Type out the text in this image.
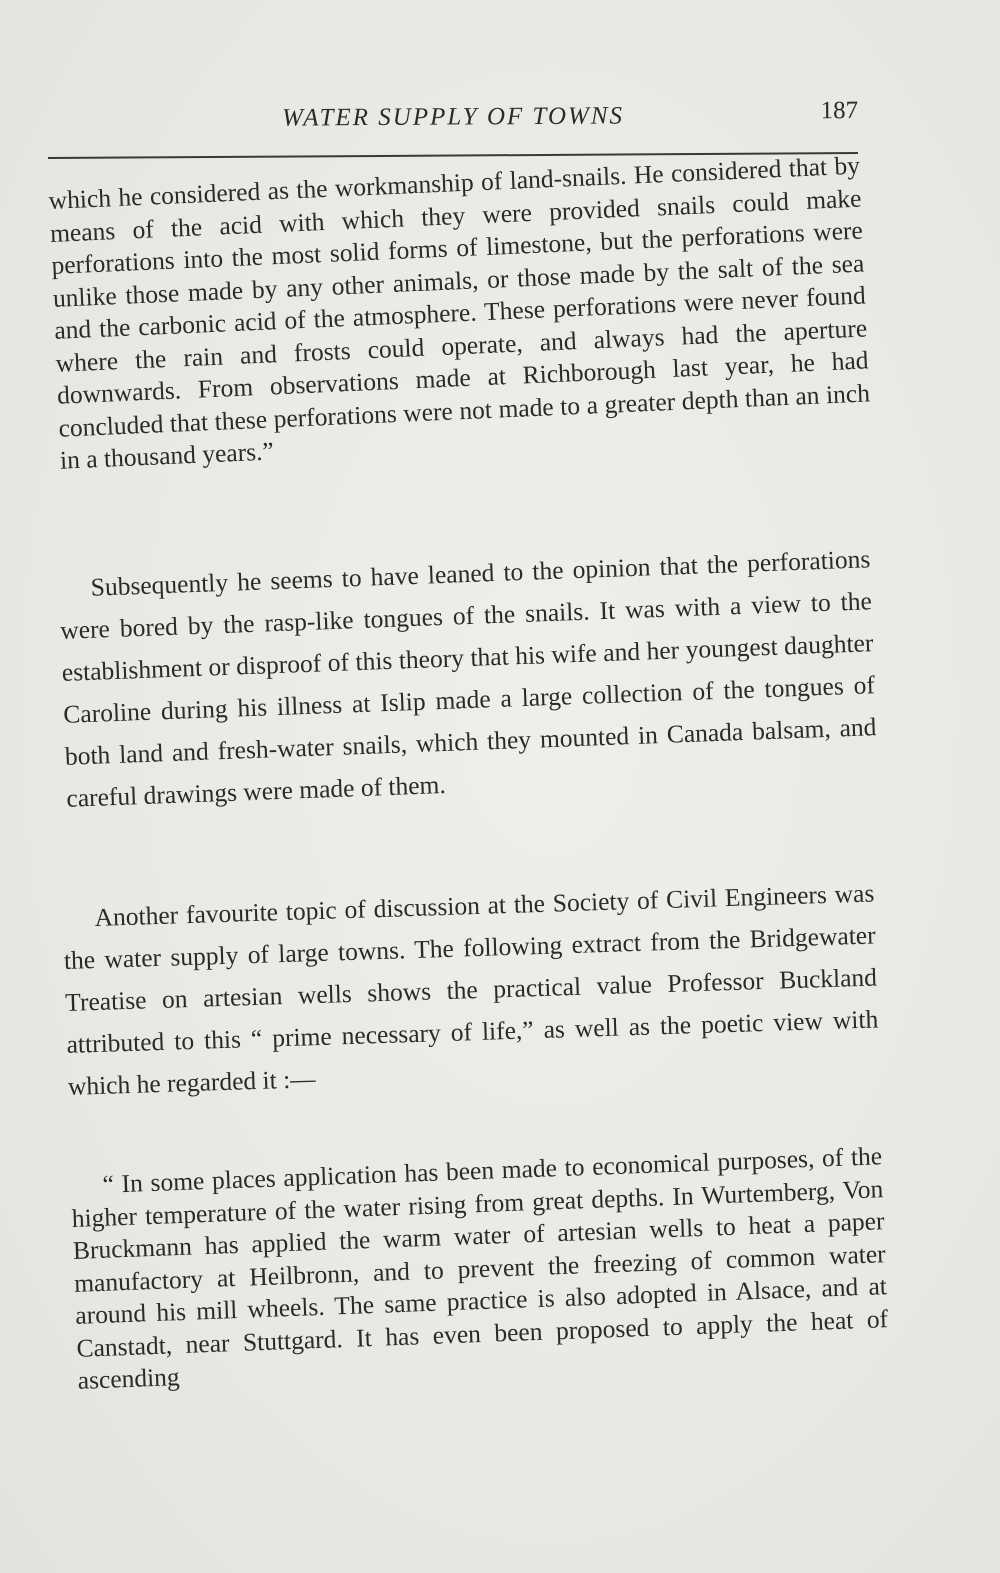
WATER SUPPLY OF TOWNS	187

which he considered as the workmanship of land-snails. He considered that by means of the acid with which they were provided snails could make perforations into the most solid forms of limestone, but the perforations were unlike those made by any other animals, or those made by the salt of the sea and the carbonic acid of the atmosphere. These perforations were never found where the rain and frosts could operate, and always had the aperture downwards. From observations made at Richborough last year, he had concluded that these perforations were not made to a greater depth than an inch in a thousand years.”

Subsequently he seems to have leaned to the opinion that the perforations were bored by the rasp-like tongues of the snails. It was with a view to the establishment or disproof of this theory that his wife and her youngest daughter Caroline during his illness at Islip made a large collection of the tongues of both land and fresh-water snails, which they mounted in Canada balsam, and careful drawings were made of them.

Another favourite topic of discussion at the Society of Civil Engineers was the water supply of large towns. The following extract from the Bridgewater Treatise on artesian wells shows the practical value Professor Buckland attributed to this “ prime necessary of life,” as well as the poetic view with which he regarded it :—

“ In some places application has been made to economical purposes, of the higher temperature of the water rising from great depths. In Wurtemberg, Von Bruckmann has applied the warm water of artesian wells to heat a paper manufactory at Heilbronn, and to prevent the freezing of common water around his mill wheels. The same practice is also adopted in Alsace, and at Canstadt, near Stuttgard. It has even been proposed to apply the heat of ascending
